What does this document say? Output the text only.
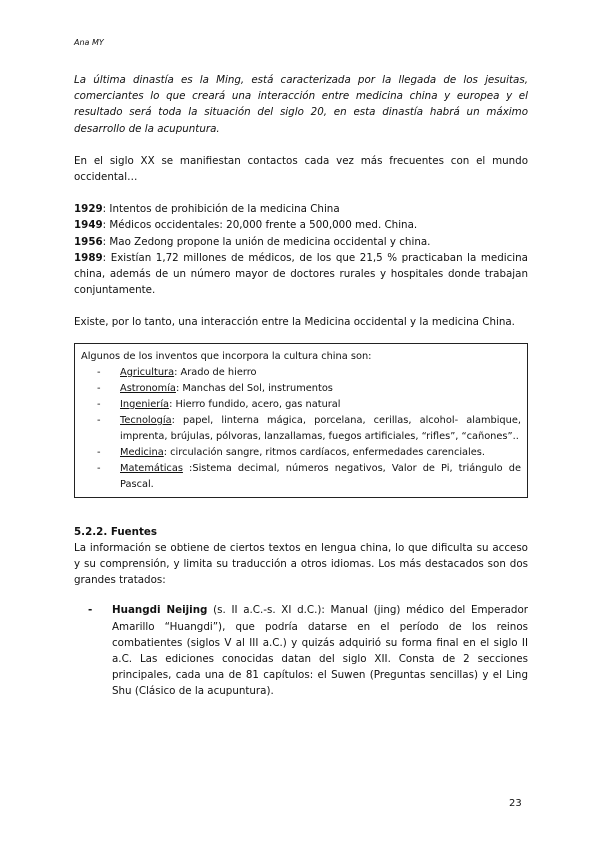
Ana MY

La última dinastía es la Ming, está caracterizada por la llegada de los jesuitas, comerciantes lo que creará una interacción entre medicina china y europea y el resultado será toda la situación del siglo 20, en esta dinastía habrá un máximo desarrollo de la acupuntura.

En el siglo XX se manifiestan contactos cada vez más frecuentes con el mundo occidental…

1929: Intentos de prohibición de la medicina China

1949: Médicos occidentales: 20,000 frente a 500,000 med. China.

1956: Mao Zedong propone la unión de medicina occidental y china.

1989: Existían 1,72 millones de médicos, de los que 21,5 % practicaban la medicina china, además de un número mayor de doctores rurales y hospitales donde trabajan conjuntamente.

Existe, por lo tanto, una interacción entre la Medicina occidental y la medicina China.

Algunos de los inventos que incorpora la cultura china son:
- Agricultura: Arado de hierro
- Astronomía: Manchas del Sol, instrumentos
- Ingeniería: Hierro fundido, acero, gas natural
- Tecnología: papel, linterna mágica, porcelana, cerillas, alcohol- alambique, imprenta, brújulas, pólvoras, lanzallamas, fuegos artificiales, “rifles”, “cañones”..
- Medicina: circulación sangre, ritmos cardíacos, enfermedades carenciales.
- Matemáticas :Sistema decimal, números negativos, Valor de Pi, triángulo de Pascal.
5.2.2. Fuentes

La información se obtiene de ciertos textos en lengua china, lo que dificulta su acceso y su comprensión, y limita su traducción a otros idiomas. Los más destacados son dos grandes tratados:

- Huangdi Neijing (s. II a.C.-s. XI d.C.): Manual (jing) médico del Emperador Amarillo “Huangdi”), que podría datarse en el período de los reinos combatientes (siglos V al III a.C.) y quizás adquirió su forma final en el siglo II a.C. Las ediciones conocidas datan del siglo XII. Consta de 2 secciones principales, cada una de 81 capítulos: el Suwen (Preguntas sencillas) y el Ling Shu (Clásico de la acupuntura).

23
